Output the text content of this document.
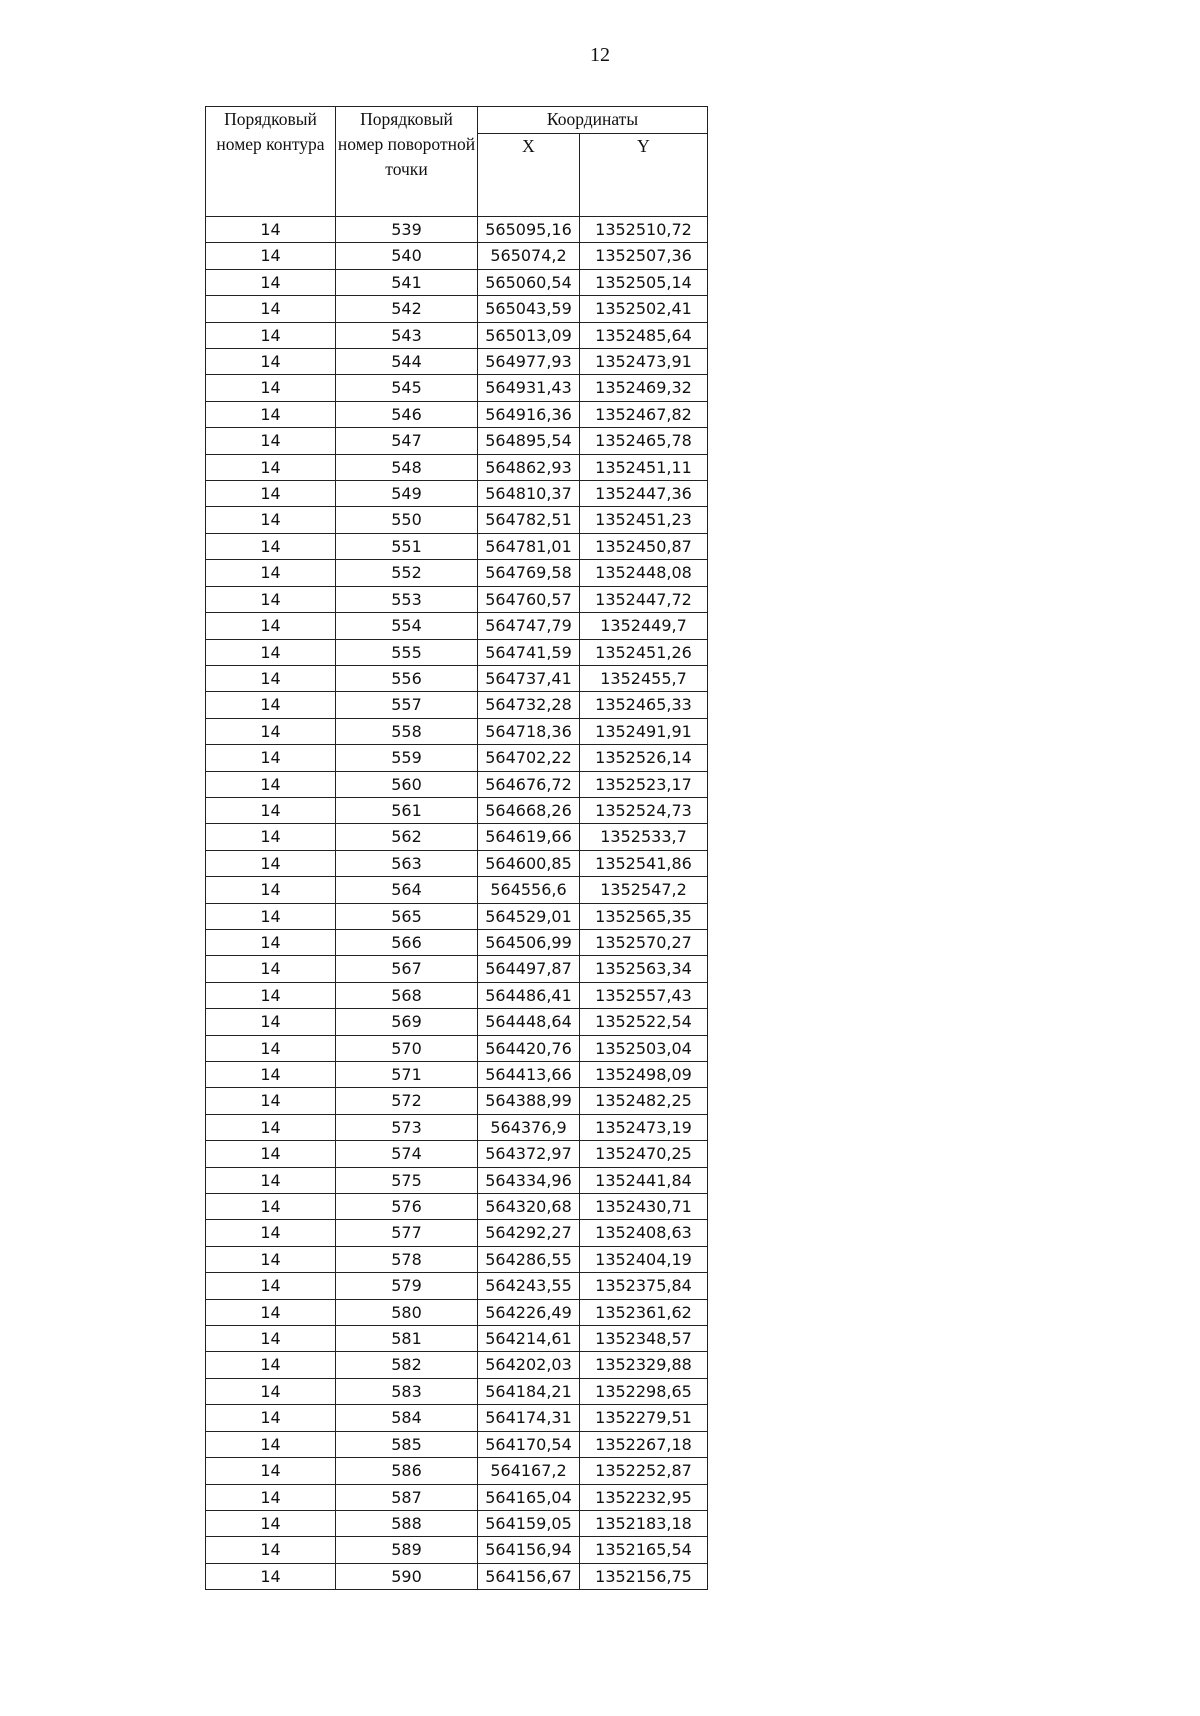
12
Порядковый номер контура	Порядковый номер поворотной точки	Координаты	
		X	Y
14	539	565095,16	1352510,72
14	540	565074,2	1352507,36
14	541	565060,54	1352505,14
14	542	565043,59	1352502,41
14	543	565013,09	1352485,64
14	544	564977,93	1352473,91
14	545	564931,43	1352469,32
14	546	564916,36	1352467,82
14	547	564895,54	1352465,78
14	548	564862,93	1352451,11
14	549	564810,37	1352447,36
14	550	564782,51	1352451,23
14	551	564781,01	1352450,87
14	552	564769,58	1352448,08
14	553	564760,57	1352447,72
14	554	564747,79	1352449,7
14	555	564741,59	1352451,26
14	556	564737,41	1352455,7
14	557	564732,28	1352465,33
14	558	564718,36	1352491,91
14	559	564702,22	1352526,14
14	560	564676,72	1352523,17
14	561	564668,26	1352524,73
14	562	564619,66	1352533,7
14	563	564600,85	1352541,86
14	564	564556,6	1352547,2
14	565	564529,01	1352565,35
14	566	564506,99	1352570,27
14	567	564497,87	1352563,34
14	568	564486,41	1352557,43
14	569	564448,64	1352522,54
14	570	564420,76	1352503,04
14	571	564413,66	1352498,09
14	572	564388,99	1352482,25
14	573	564376,9	1352473,19
14	574	564372,97	1352470,25
14	575	564334,96	1352441,84
14	576	564320,68	1352430,71
14	577	564292,27	1352408,63
14	578	564286,55	1352404,19
14	579	564243,55	1352375,84
14	580	564226,49	1352361,62
14	581	564214,61	1352348,57
14	582	564202,03	1352329,88
14	583	564184,21	1352298,65
14	584	564174,31	1352279,51
14	585	564170,54	1352267,18
14	586	564167,2	1352252,87
14	587	564165,04	1352232,95
14	588	564159,05	1352183,18
14	589	564156,94	1352165,54
14	590	564156,67	1352156,75
